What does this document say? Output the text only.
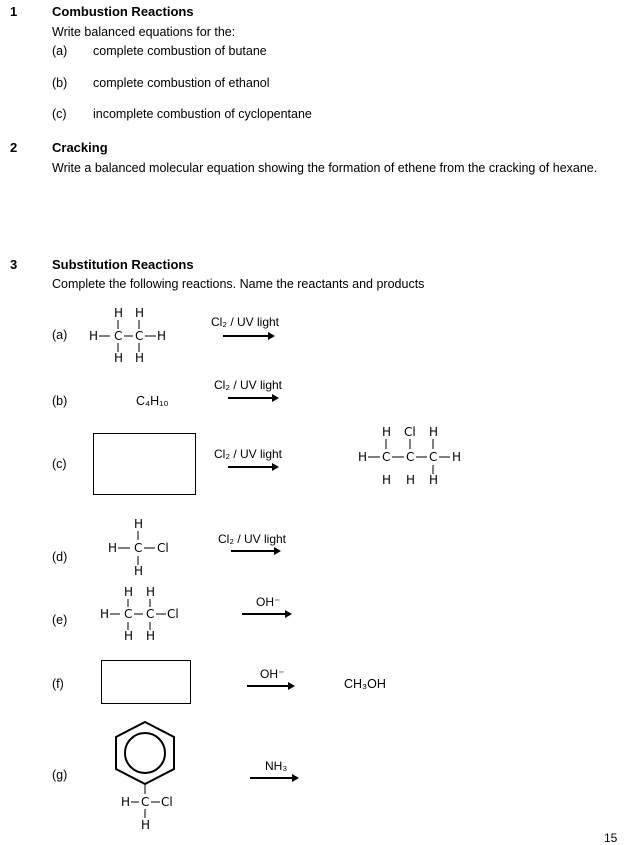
1	Combustion Reactions
Write balanced equations for the:
(a) complete combustion of butane
(b) complete combustion of ethanol
(c) incomplete combustion of cyclopentane
2	Cracking
Write a balanced molecular equation showing the formation of ethene from the cracking of hexane.
3	Substitution Reactions
Complete the following reactions. Name the reactants and products
(a)
H H
H C C H
H H
Cl₂ / UV light
(b)	C₄H₁₀
Cl₂ / UV light
(c)
Cl₂ / UV light
H Cl H
H C C C H
H H H
(d)
H
H C Cl
H
Cl₂ / UV light
(e)
H H
H C C Cl
H H
OH⁻
(f)
OH⁻
CH₃OH
(g)
H C Cl
H
NH₃
15
